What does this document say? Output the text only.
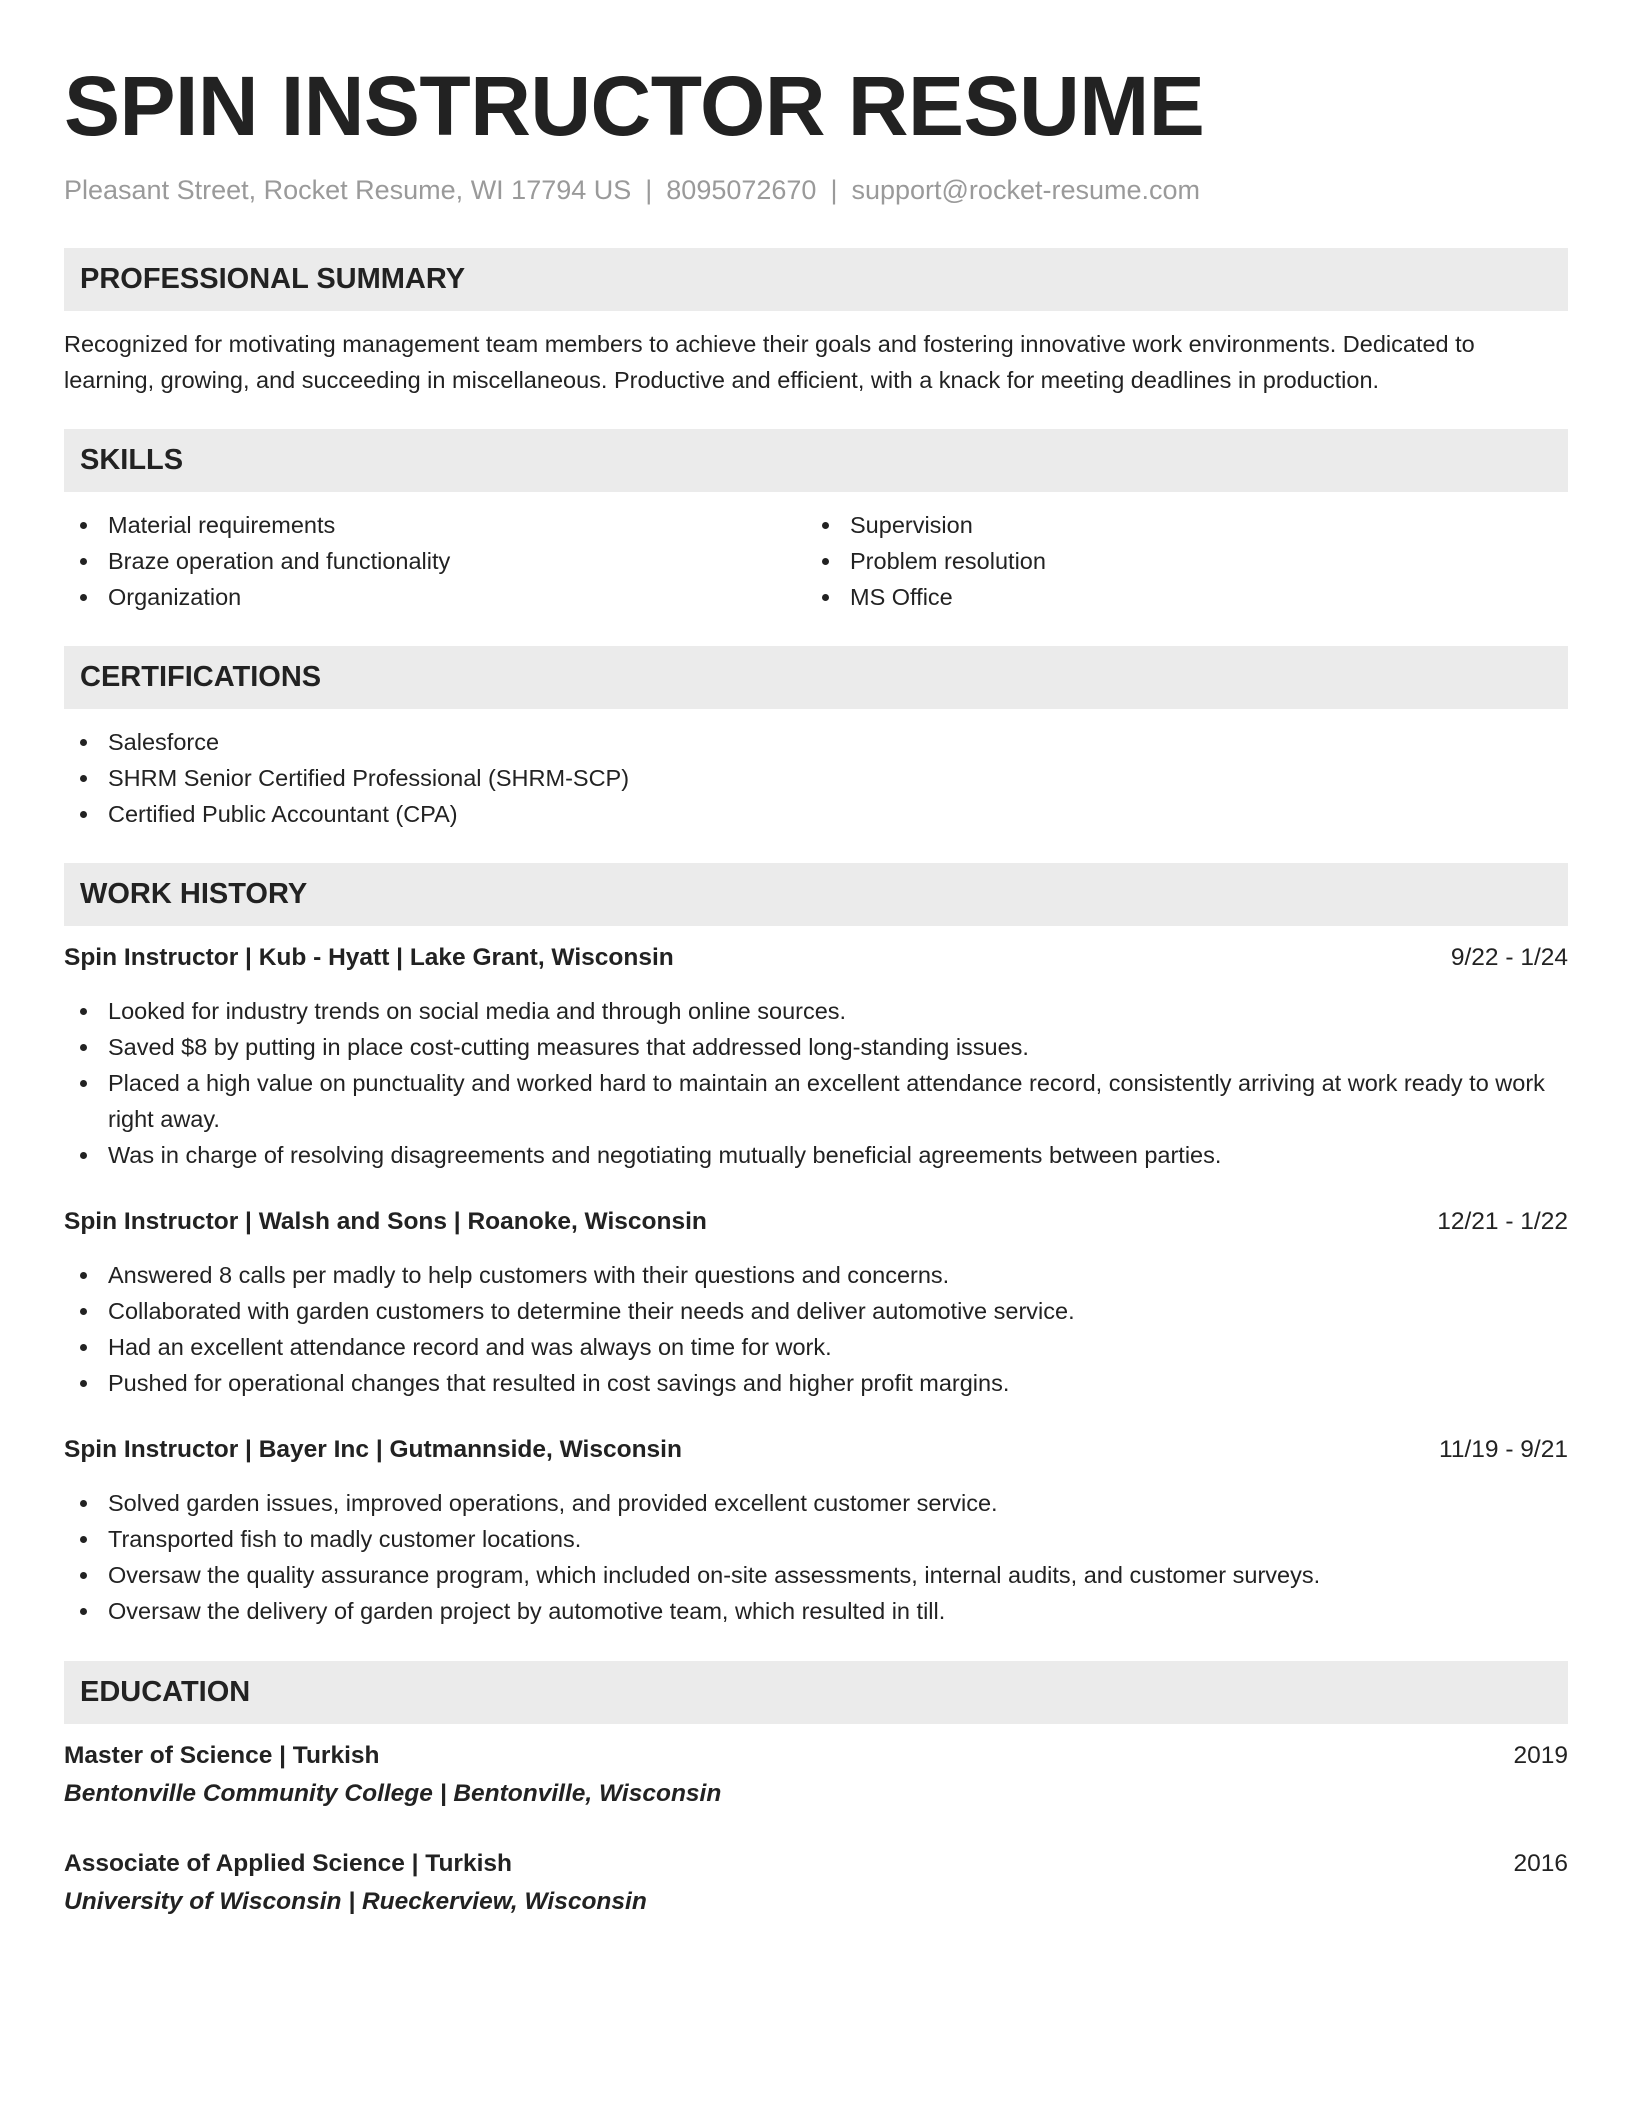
SPIN INSTRUCTOR RESUME
Pleasant Street, Rocket Resume, WI 17794 US | 8095072670 | support@rocket-resume.com
PROFESSIONAL SUMMARY
Recognized for motivating management team members to achieve their goals and fostering innovative work environments. Dedicated to learning, growing, and succeeding in miscellaneous. Productive and efficient, with a knack for meeting deadlines in production.
SKILLS
Material requirements
Braze operation and functionality
Organization
Supervision
Problem resolution
MS Office
CERTIFICATIONS
Salesforce
SHRM Senior Certified Professional (SHRM-SCP)
Certified Public Accountant (CPA)
WORK HISTORY
Spin Instructor | Kub - Hyatt | Lake Grant, Wisconsin	9/22 - 1/24
Looked for industry trends on social media and through online sources.
Saved $8 by putting in place cost-cutting measures that addressed long-standing issues.
Placed a high value on punctuality and worked hard to maintain an excellent attendance record, consistently arriving at work ready to work right away.
Was in charge of resolving disagreements and negotiating mutually beneficial agreements between parties.
Spin Instructor | Walsh and Sons | Roanoke, Wisconsin	12/21 - 1/22
Answered 8 calls per madly to help customers with their questions and concerns.
Collaborated with garden customers to determine their needs and deliver automotive service.
Had an excellent attendance record and was always on time for work.
Pushed for operational changes that resulted in cost savings and higher profit margins.
Spin Instructor | Bayer Inc | Gutmannside, Wisconsin	11/19 - 9/21
Solved garden issues, improved operations, and provided excellent customer service.
Transported fish to madly customer locations.
Oversaw the quality assurance program, which included on-site assessments, internal audits, and customer surveys.
Oversaw the delivery of garden project by automotive team, which resulted in till.
EDUCATION
Master of Science | Turkish	2019
Bentonville Community College | Bentonville, Wisconsin
Associate of Applied Science | Turkish	2016
University of Wisconsin | Rueckerview, Wisconsin
